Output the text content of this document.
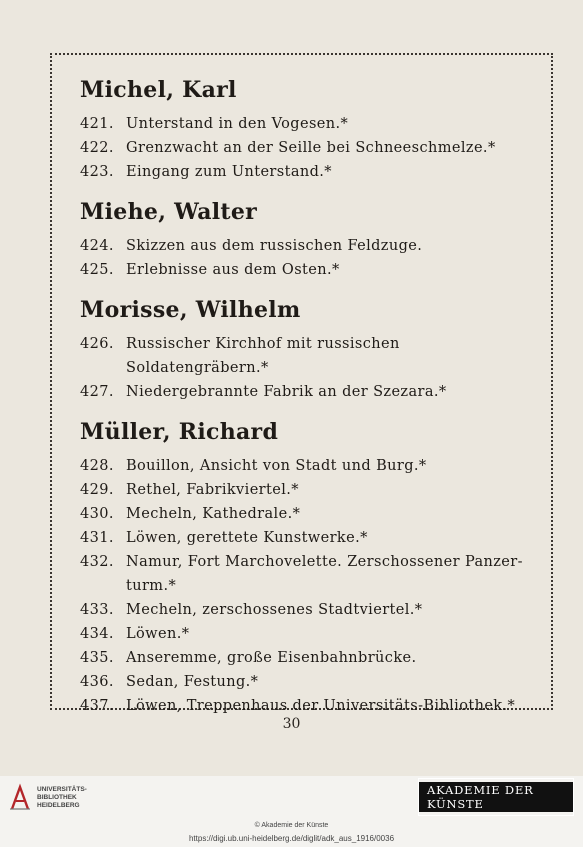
Michel, Karl
421. Unterstand in den Vogesen.*
422. Grenzwacht an der Seille bei Schneeschmelze.*
423. Eingang zum Unterstand.*
Miehe, Walter
424. Skizzen aus dem russischen Feldzuge.
425. Erlebnisse aus dem Osten.*
Morisse, Wilhelm
426. Russischer Kirchhof mit russischen Soldatengräbern.*
427. Niedergebrannte Fabrik an der Szezara.*
Müller, Richard
428. Bouillon, Ansicht von Stadt und Burg.*
429. Rethel, Fabrikviertel.*
430. Mecheln, Kathedrale.*
431. Löwen, gerettete Kunstwerke.*
432. Namur, Fort Marchovelette. Zerschossener Panzer- turm.*
433. Mecheln, zerschossenes Stadtviertel.*
434. Löwen.*
435. Anseremme, große Eisenbahnbrücke.
436. Sedan, Festung.*
437. Löwen, Treppenhaus der Universitäts-Bibliothek.*
30
UNIVERSITÄTS-
BIBLIOTHEK
HEIDELBERG
AKADEMIE DER KÜNSTE
© Akademie der Künste
https://digi.ub.uni-heidelberg.de/diglit/adk_aus_1916/0036
